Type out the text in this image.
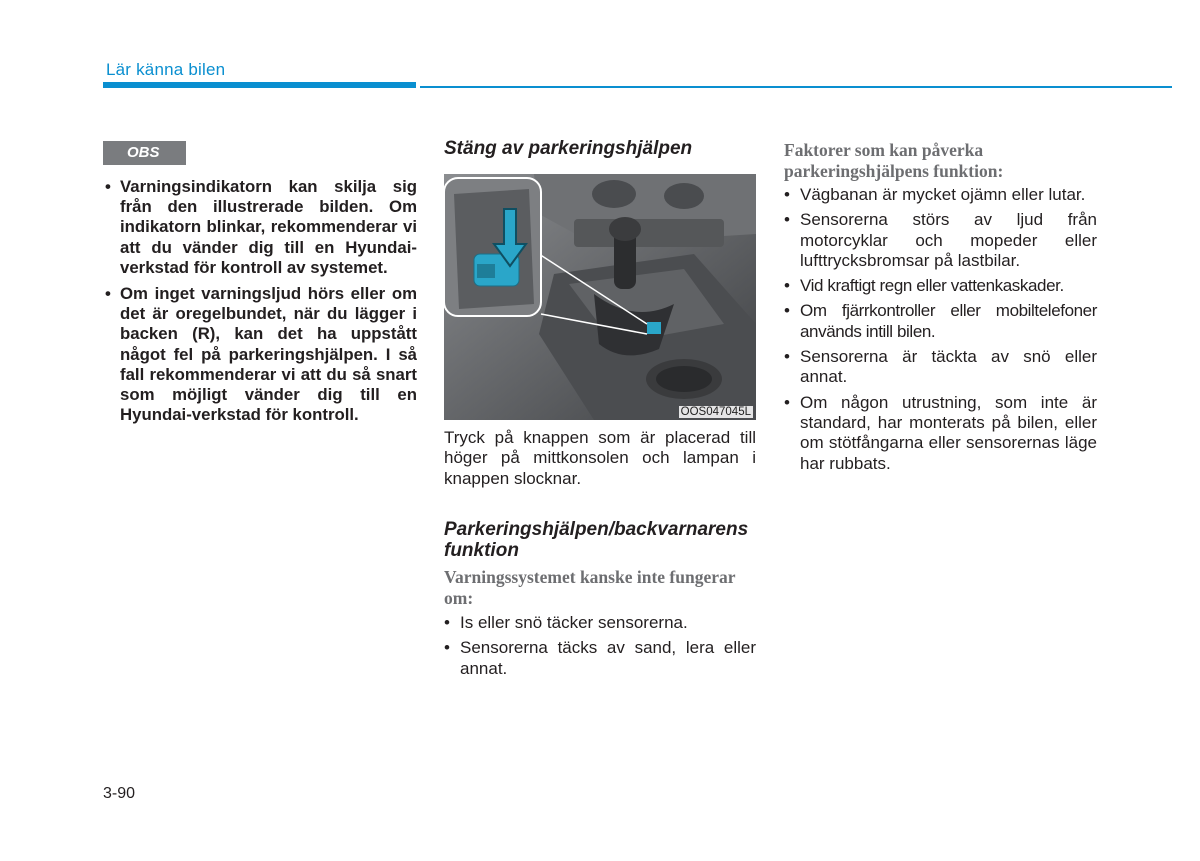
Lär känna bilen
OBS
• Varningsindikatorn kan skilja sig från den illustrerade bilden. Om indikatorn blinkar, rekommenderar vi att du vänder dig till en Hyundai-verkstad för kontroll av systemet.
• Om inget varningsljud hörs eller om det är oregelbundet, när du lägger i backen (R), kan det ha uppstått något fel på parkeringshjälpen. I så fall rekommenderar vi att du så snart som möjligt vänder dig till en Hyundai-verkstad för kontroll.
Stäng av parkeringshjälpen
OOS047045L
Tryck på knappen som är placerad till höger på mittkonsolen och lampan i knappen slocknar.
Parkeringshjälpen/backvarnarens funktion
Varningssystemet kanske inte fungerar om:
• Is eller snö täcker sensorerna.
• Sensorerna täcks av sand, lera eller annat.
Faktorer som kan påverka parkeringshjälpens funktion:
• Vägbanan är mycket ojämn eller lutar.
• Sensorerna störs av ljud från motorcyklar och mopeder eller lufttrycksbromsar på lastbilar.
• Vid kraftigt regn eller vattenkaskader.
• Om fjärrkontroller eller mobiltelefoner används intill bilen.
• Sensorerna är täckta av snö eller annat.
• Om någon utrustning, som inte är standard, har monterats på bilen, eller om stötfångarna eller sensorernas läge har rubbats.
3-90
